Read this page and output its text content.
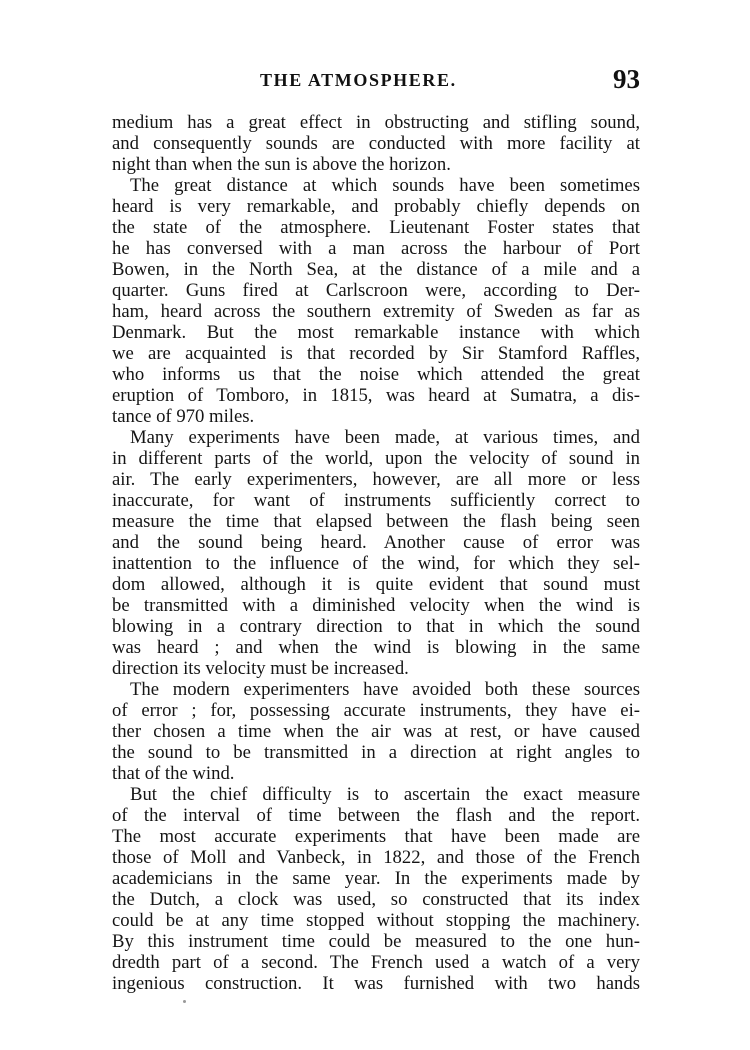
THE ATMOSPHERE.	93
medium has a great effect in obstructing and stifling sound,
and consequently sounds are conducted with more facility at
night than when the sun is above the horizon.
The great distance at which sounds have been sometimes
heard is very remarkable, and probably chiefly depends on
the state of the atmosphere. Lieutenant Foster states that
he has conversed with a man across the harbour of Port
Bowen, in the North Sea, at the distance of a mile and a
quarter. Guns fired at Carlscroon were, according to Der-
ham, heard across the southern extremity of Sweden as far as
Denmark. But the most remarkable instance with which
we are acquainted is that recorded by Sir Stamford Raffles,
who informs us that the noise which attended the great
eruption of Tomboro, in 1815, was heard at Sumatra, a dis-
tance of 970 miles.
Many experiments have been made, at various times, and
in different parts of the world, upon the velocity of sound in
air. The early experimenters, however, are all more or less
inaccurate, for want of instruments sufficiently correct to
measure the time that elapsed between the flash being seen
and the sound being heard. Another cause of error was
inattention to the influence of the wind, for which they sel-
dom allowed, although it is quite evident that sound must
be transmitted with a diminished velocity when the wind is
blowing in a contrary direction to that in which the sound
was heard ; and when the wind is blowing in the same
direction its velocity must be increased.
The modern experimenters have avoided both these sources
of error ; for, possessing accurate instruments, they have ei-
ther chosen a time when the air was at rest, or have caused
the sound to be transmitted in a direction at right angles to
that of the wind.
But the chief difficulty is to ascertain the exact measure
of the interval of time between the flash and the report.
The most accurate experiments that have been made are
those of Moll and Vanbeck, in 1822, and those of the French
academicians in the same year. In the experiments made by
the Dutch, a clock was used, so constructed that its index
could be at any time stopped without stopping the machinery.
By this instrument time could be measured to the one hun-
dredth part of a second. The French used a watch of a very
ingenious construction. It was furnished with two hands
